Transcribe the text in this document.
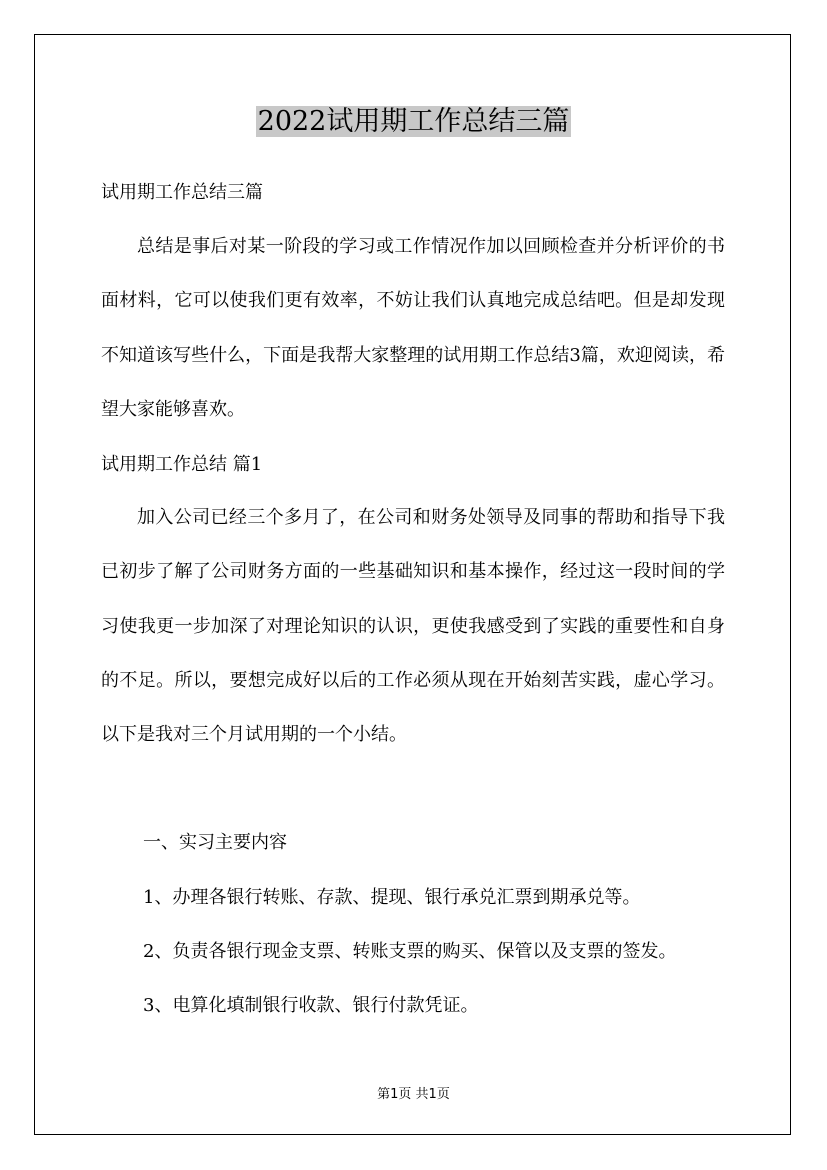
2022试用期工作总结三篇
试用期工作总结三篇

总结是事后对某一阶段的学习或工作情况作加以回顾检查并分析评价的书面材料，它可以使我们更有效率，不妨让我们认真地完成总结吧。但是却发现不知道该写些什么，下面是我帮大家整理的试用期工作总结3篇，欢迎阅读，希望大家能够喜欢。

试用期工作总结 篇1

加入公司已经三个多月了，在公司和财务处领导及同事的帮助和指导下我已初步了解了公司财务方面的一些基础知识和基本操作，经过这一段时间的学习使我更一步加深了对理论知识的认识，更使我感受到了实践的重要性和自身的不足。所以，要想完成好以后的工作必须从现在开始刻苦实践，虚心学习。以下是我对三个月试用期的一个小结。

一、实习主要内容
1、办理各银行转账、存款、提现、银行承兑汇票到期承兑等。
2、负责各银行现金支票、转账支票的购买、保管以及支票的签发。
3、电算化填制银行收款、银行付款凭证。
第1页 共1页
